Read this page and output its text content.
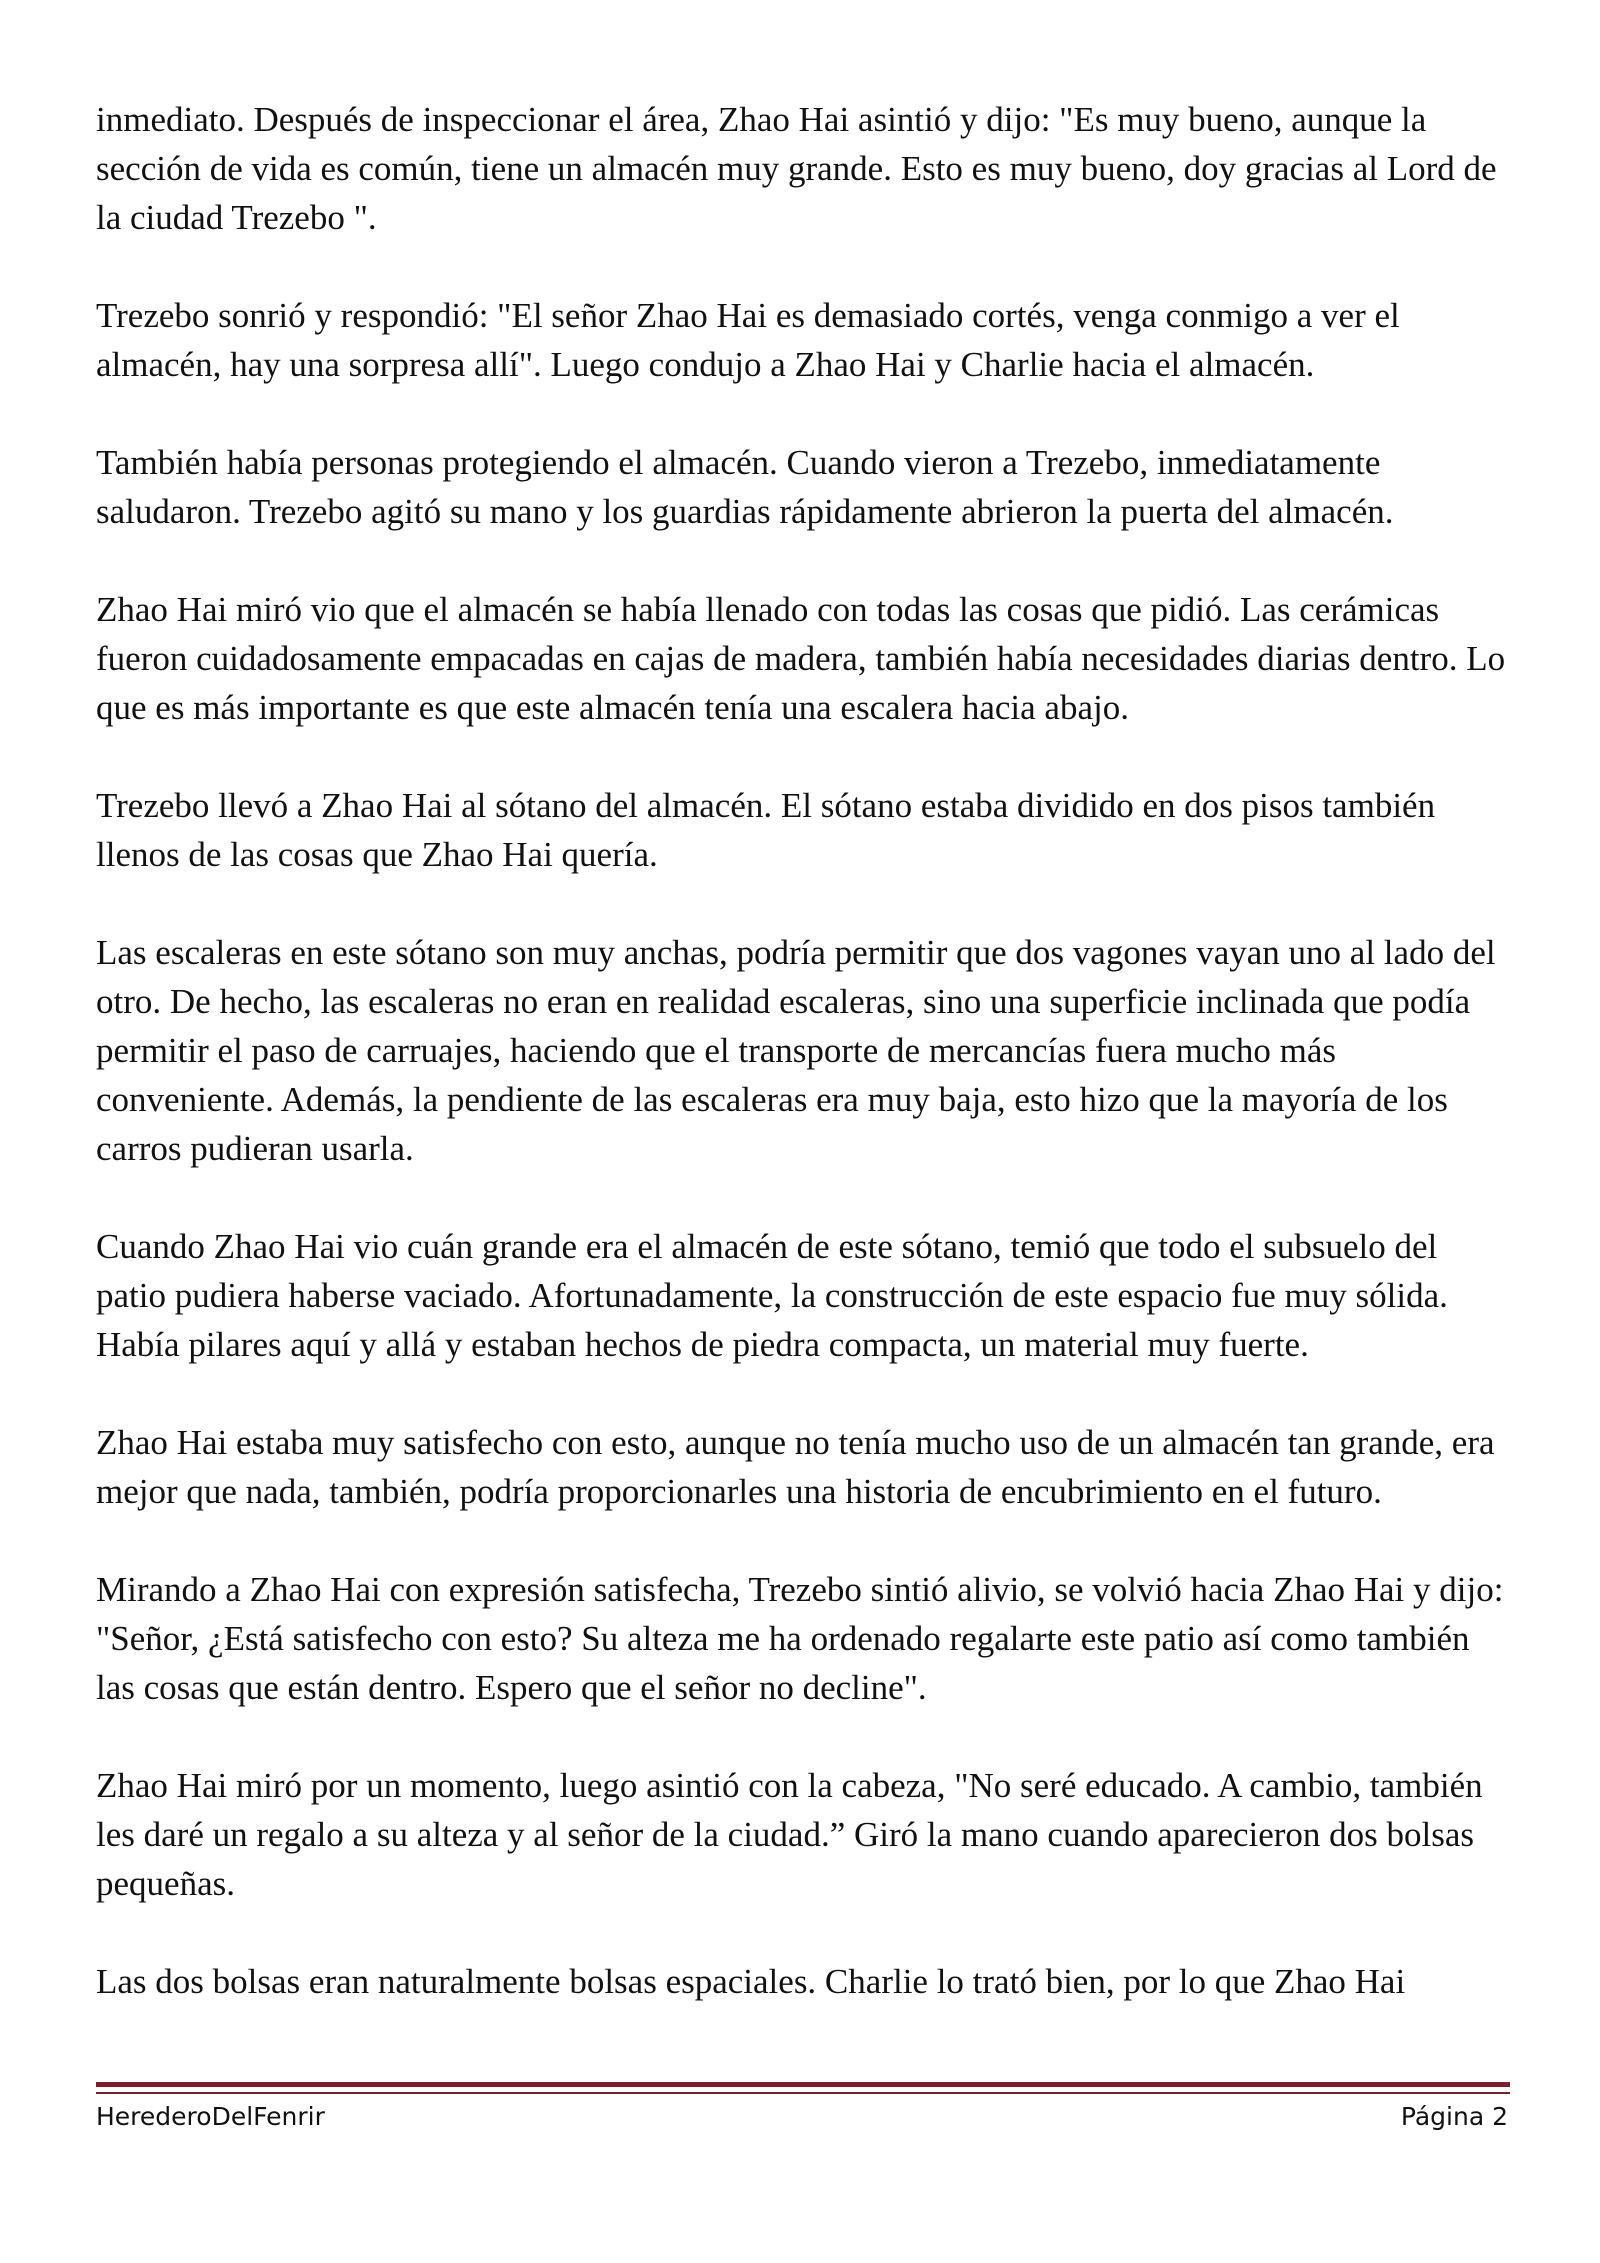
inmediato. Después de inspeccionar el área, Zhao Hai asintió y dijo: "Es muy bueno, aunque la sección de vida es común, tiene un almacén muy grande. Esto es muy bueno, doy gracias al Lord de la ciudad Trezebo ".

Trezebo sonrió y respondió: "El señor Zhao Hai es demasiado cortés, venga conmigo a ver el almacén, hay una sorpresa allí". Luego condujo a Zhao Hai y Charlie hacia el almacén.

También había personas protegiendo el almacén. Cuando vieron a Trezebo, inmediatamente saludaron. Trezebo agitó su mano y los guardias rápidamente abrieron la puerta del almacén.

Zhao Hai miró vio que el almacén se había llenado con todas las cosas que pidió. Las cerámicas fueron cuidadosamente empacadas en cajas de madera, también había necesidades diarias dentro. Lo que es más importante es que este almacén tenía una escalera hacia abajo.

Trezebo llevó a Zhao Hai al sótano del almacén. El sótano estaba dividido en dos pisos también llenos de las cosas que Zhao Hai quería.

Las escaleras en este sótano son muy anchas, podría permitir que dos vagones vayan uno al lado del otro. De hecho, las escaleras no eran en realidad escaleras, sino una superficie inclinada que podía permitir el paso de carruajes, haciendo que el transporte de mercancías fuera mucho más conveniente. Además, la pendiente de las escaleras era muy baja, esto hizo que la mayoría de los carros pudieran usarla.

Cuando Zhao Hai vio cuán grande era el almacén de este sótano, temió que todo el subsuelo del patio pudiera haberse vaciado. Afortunadamente, la construcción de este espacio fue muy sólida. Había pilares aquí y allá y estaban hechos de piedra compacta, un material muy fuerte.

Zhao Hai estaba muy satisfecho con esto, aunque no tenía mucho uso de un almacén tan grande, era mejor que nada, también, podría proporcionarles una historia de encubrimiento en el futuro.

Mirando a Zhao Hai con expresión satisfecha, Trezebo sintió alivio, se volvió hacia Zhao Hai y dijo: "Señor, ¿Está satisfecho con esto? Su alteza me ha ordenado regalarte este patio así como también las cosas que están dentro. Espero que el señor no decline".

Zhao Hai miró por un momento, luego asintió con la cabeza, "No seré educado. A cambio, también les daré un regalo a su alteza y al señor de la ciudad.” Giró la mano cuando aparecieron dos bolsas pequeñas.

Las dos bolsas eran naturalmente bolsas espaciales. Charlie lo trató bien, por lo que Zhao Hai

HerederoDelFenrir	Página 2
